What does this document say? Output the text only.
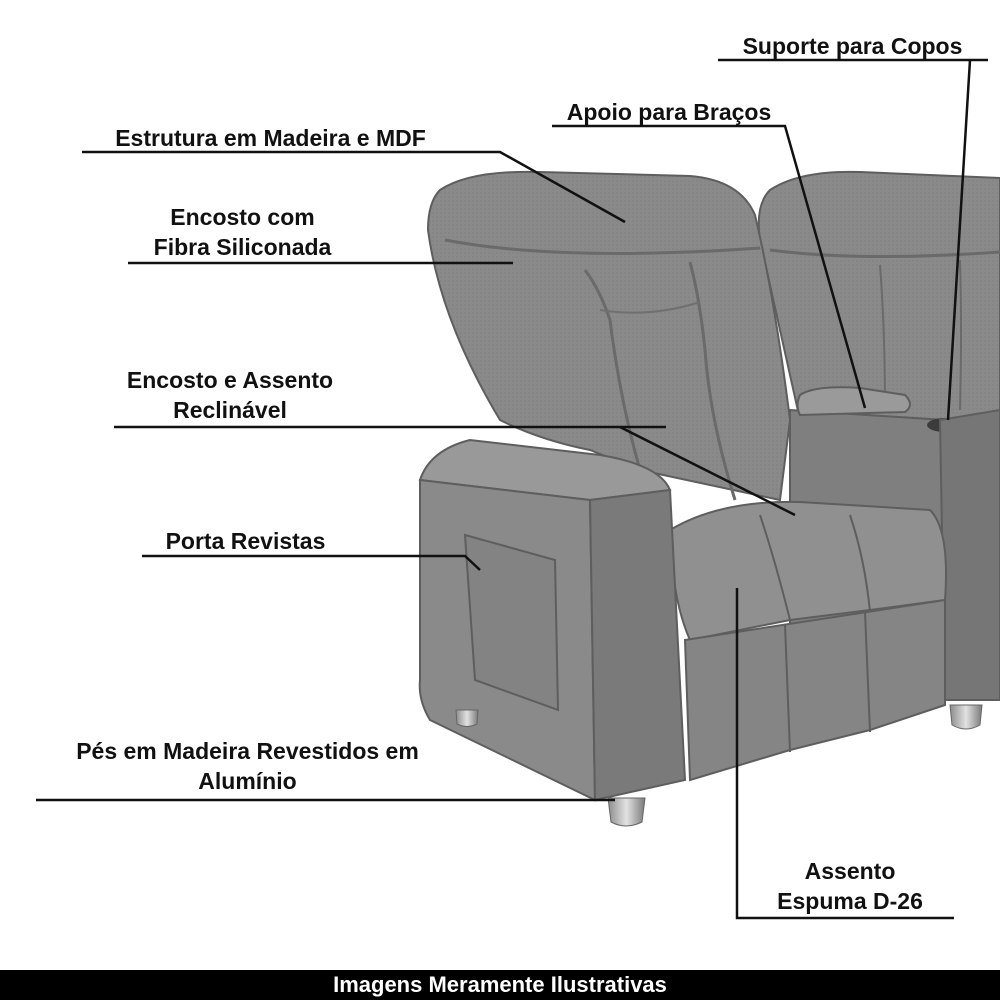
Suporte para Copos
Apoio para Braços
Estrutura em Madeira e MDF
Encosto com
Fibra Siliconada
Encosto e Assento
Reclinável
Porta Revistas
Pés em Madeira Revestidos em
Alumínio
Assento
Espuma D-26
Imagens Meramente Ilustrativas
